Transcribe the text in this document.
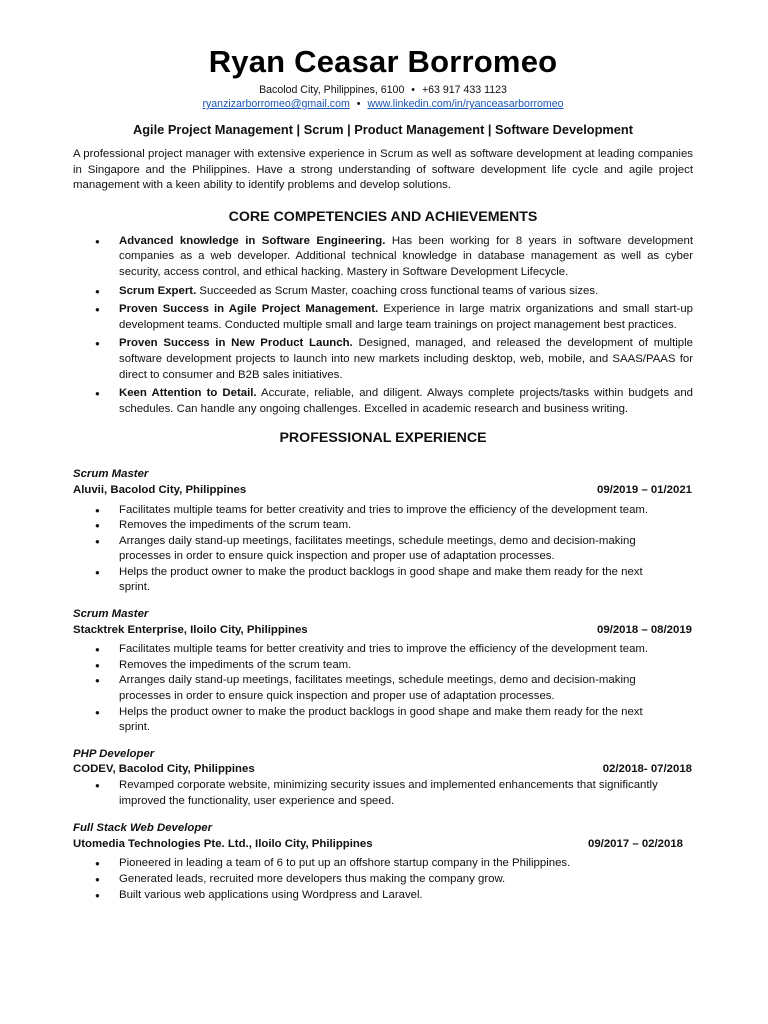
Ryan Ceasar Borromeo
Bacolod City, Philippines, 6100 • +63 917 433 1123
ryanzizarborromeo@gmail.com • www.linkedin.com/in/ryanceasarborromeo
Agile Project Management | Scrum | Product Management | Software Development
A professional project manager with extensive experience in Scrum as well as software development at leading companies in Singapore and the Philippines. Have a strong understanding of software development life cycle and agile project management with a keen ability to identify problems and develop solutions.
CORE COMPETENCIES AND ACHIEVEMENTS
● Advanced knowledge in Software Engineering. Has been working for 8 years in software development companies as a web developer. Additional technical knowledge in database management as well as cyber security, access control, and ethical hacking. Mastery in Software Development Lifecycle.
● Scrum Expert. Succeeded as Scrum Master, coaching cross functional teams of various sizes.
● Proven Success in Agile Project Management. Experience in large matrix organizations and small start-up development teams. Conducted multiple small and large team trainings on project management best practices.
● Proven Success in New Product Launch. Designed, managed, and released the development of multiple software development projects to launch into new markets including desktop, web, mobile, and SAAS/PAAS for direct to consumer and B2B sales initiatives.
● Keen Attention to Detail. Accurate, reliable, and diligent. Always complete projects/tasks within budgets and schedules. Can handle any ongoing challenges. Excelled in academic research and business writing.
PROFESSIONAL EXPERIENCE
Scrum Master
Aluvii, Bacolod City, Philippines	09/2019 – 01/2021
● Facilitates multiple teams for better creativity and tries to improve the efficiency of the development team.
● Removes the impediments of the scrum team.
● Arranges daily stand-up meetings, facilitates meetings, schedule meetings, demo and decision-making processes in order to ensure quick inspection and proper use of adaptation processes.
● Helps the product owner to make the product backlogs in good shape and make them ready for the next sprint.
Scrum Master
Stacktrek Enterprise, Iloilo City, Philippines	09/2018 – 08/2019
● Facilitates multiple teams for better creativity and tries to improve the efficiency of the development team.
● Removes the impediments of the scrum team.
● Arranges daily stand-up meetings, facilitates meetings, schedule meetings, demo and decision-making processes in order to ensure quick inspection and proper use of adaptation processes.
● Helps the product owner to make the product backlogs in good shape and make them ready for the next sprint.
PHP Developer
CODEV, Bacolod City, Philippines	02/2018- 07/2018
● Revamped corporate website, minimizing security issues and implemented enhancements that significantly improved the functionality, user experience and speed.
Full Stack Web Developer
Utomedia Technologies Pte. Ltd., Iloilo City, Philippines	09/2017 – 02/2018
● Pioneered in leading a team of 6 to put up an offshore startup company in the Philippines.
● Generated leads, recruited more developers thus making the company grow.
● Built various web applications using Wordpress and Laravel.
